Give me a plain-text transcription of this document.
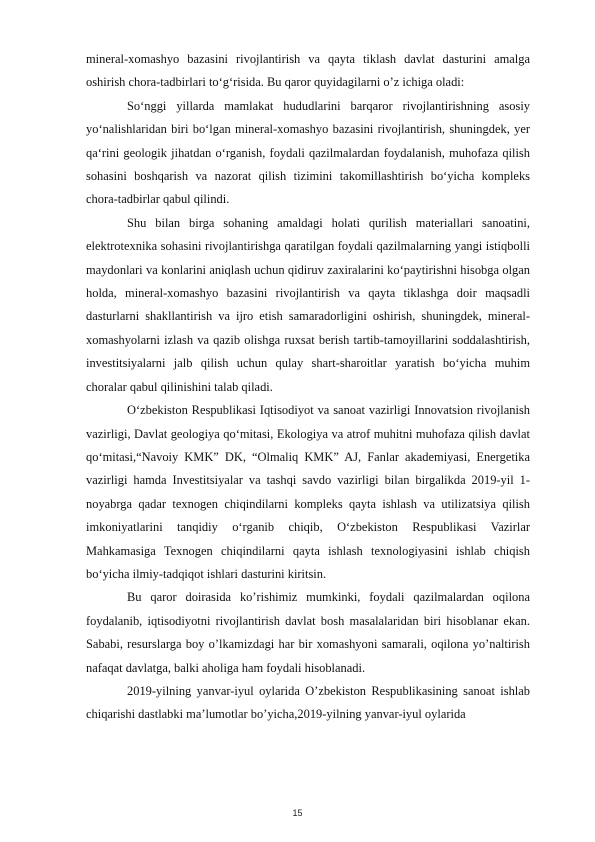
mineral-xomashyo bazasini rivojlantirish va qayta tiklash davlat dasturini amalga oshirish chora-tadbirlari toʻgʻrisida. Bu qaror quyidagilarni o’z ichiga oladi:

Soʻnggi yillarda mamlakat hududlarini barqaror rivojlantirishning asosiy yoʻnalishlaridan biri boʻlgan mineral-xomashyo bazasini rivojlantirish, shuningdek, yer qaʻrini geologik jihatdan oʻrganish, foydali qazilmalardan foydalanish, muhofaza qilish sohasini boshqarish va nazorat qilish tizimini takomillashtirish boʻyicha kompleks chora-tadbirlar qabul qilindi.

Shu bilan birga sohaning amaldagi holati qurilish materiallari sanoatini, elektrotexnika sohasini rivojlantirishga qaratilgan foydali qazilmalarning yangi istiqbolli maydonlari va konlarini aniqlash uchun qidiruv zaxiralarini koʻpaytirishni hisobga olgan holda, mineral-xomashyo bazasini rivojlantirish va qayta tiklashga doir maqsadli dasturlarni shakllantirish va ijro etish samaradorligini oshirish, shuningdek, mineral-xomashyolarni izlash va qazib olishga ruxsat berish tartib-tamoyillarini soddalashtirish, investitsiyalarni jalb qilish uchun qulay shart-sharoitlar yaratish boʻyicha muhim choralar qabul qilinishini talab qiladi.

Oʻzbekiston Respublikasi Iqtisodiyot va sanoat vazirligi Innovatsion rivojlanish vazirligi, Davlat geologiya qoʻmitasi, Ekologiya va atrof muhitni muhofaza qilish davlat qoʻmitasi,“Navoiy KMK” DK, “Olmaliq KMK” AJ, Fanlar akademiyasi, Energetika vazirligi hamda Investitsiyalar va tashqi savdo vazirligi bilan birgalikda 2019-yil 1-noyabrga qadar texnogen chiqindilarni kompleks qayta ishlash va utilizatsiya qilish imkoniyatlarini tanqidiy oʻrganib chiqib, Oʻzbekiston Respublikasi Vazirlar Mahkamasiga Texnogen chiqindilarni qayta ishlash texnologiyasini ishlab chiqish boʻyicha ilmiy-tadqiqot ishlari dasturini kiritsin.

Bu qaror doirasida ko’rishimiz mumkinki, foydali qazilmalardan oqilona foydalanib, iqtisodiyotni rivojlantirish davlat bosh masalalaridan biri hisoblanar ekan. Sababi, resurslarga boy o’lkamizdagi har bir xomashyoni samarali, oqilona yo’naltirish nafaqat davlatga, balki aholiga ham foydali hisoblanadi.

2019-yilning yanvar-iyul oylarida O’zbekiston Respublikasining sanoat ishlab chiqarishi dastlabki ma’lumotlar bo’yicha,2019-yilning yanvar-iyul oylarida

15
